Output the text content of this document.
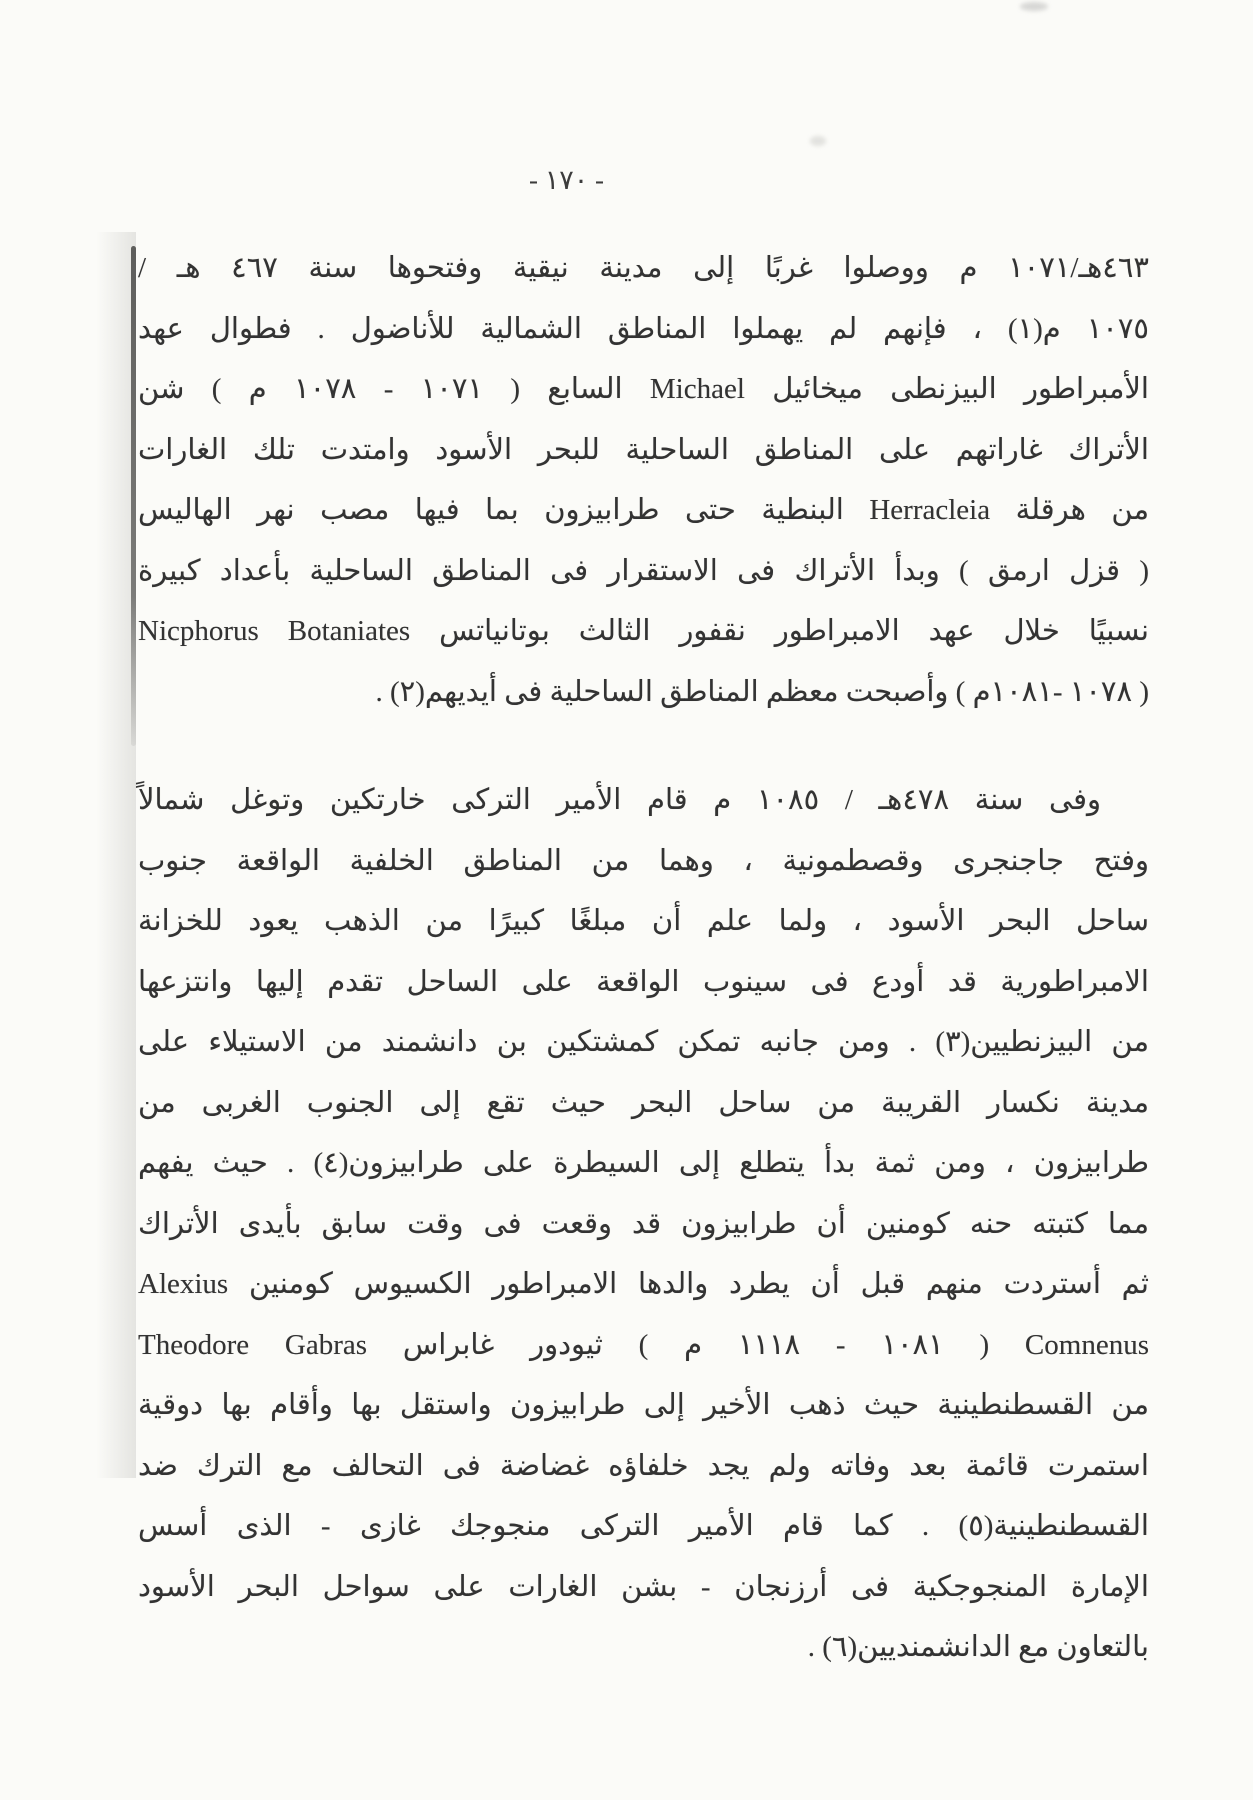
- ١٧٠ -
٤٦٣هـ/١٠٧١ م ووصلوا غربًا إلى مدينة نيقية وفتحوها سنة ٤٦٧ هـ /
١٠٧٥ م(١) ، فإنهم لم يهملوا المناطق الشمالية للأناضول . فطوال عهد
الأمبراطور البيزنطى ميخائيل Michael السابع ( ١٠٧١ - ١٠٧٨ م ) شن
الأتراك غاراتهم على المناطق الساحلية للبحر الأسود وامتدت تلك الغارات
من هرقلة Herracleia البنطية حتى طرابيزون بما فيها مصب نهر الهاليس
( قزل ارمق ) وبدأ الأتراك فى الاستقرار فى المناطق الساحلية بأعداد كبيرة
نسبيًا خلال عهد الامبراطور نقفور الثالث بوتانياتس Nicphorus Botaniates
( ١٠٧٨ -١٠٨١م ) وأصبحت معظم المناطق الساحلية فى أيديهم(٢) .
وفى سنة ٤٧٨هـ / ١٠٨٥ م قام الأمير التركى خارتكين وتوغل شمالاً
وفتح جاجنجرى وقصطمونية ، وهما من المناطق الخلفية الواقعة جنوب
ساحل البحر الأسود ، ولما علم أن مبلغًا كبيرًا من الذهب يعود للخزانة
الامبراطورية قد أودع فى سينوب الواقعة على الساحل تقدم إليها وانتزعها
من البيزنطيين(٣) . ومن جانبه تمكن كمشتكين بن دانشمند من الاستيلاء على
مدينة نكسار القريبة من ساحل البحر حيث تقع إلى الجنوب الغربى من
طرابيزون ، ومن ثمة بدأ يتطلع إلى السيطرة على طرابيزون(٤) . حيث يفهم
مما كتبته حنه كومنين أن طرابيزون قد وقعت فى وقت سابق بأيدى الأتراك
ثم أستردت منهم قبل أن يطرد والدها الامبراطور الكسيوس كومنين Alexius
Comnenus ( ١٠٨١ - ١١١٨ م ) ثيودور غابراس Theodore Gabras
من القسطنطينية حيث ذهب الأخير إلى طرابيزون واستقل بها وأقام بها دوقية
استمرت قائمة بعد وفاته ولم يجد خلفاؤه غضاضة فى التحالف مع الترك ضد
القسطنطينية(٥) . كما قام الأمير التركى منجوجك غازى - الذى أسس
الإمارة المنجوجكية فى أرزنجان - بشن الغارات على سواحل البحر الأسود
بالتعاون مع الدانشمنديين(٦) .
